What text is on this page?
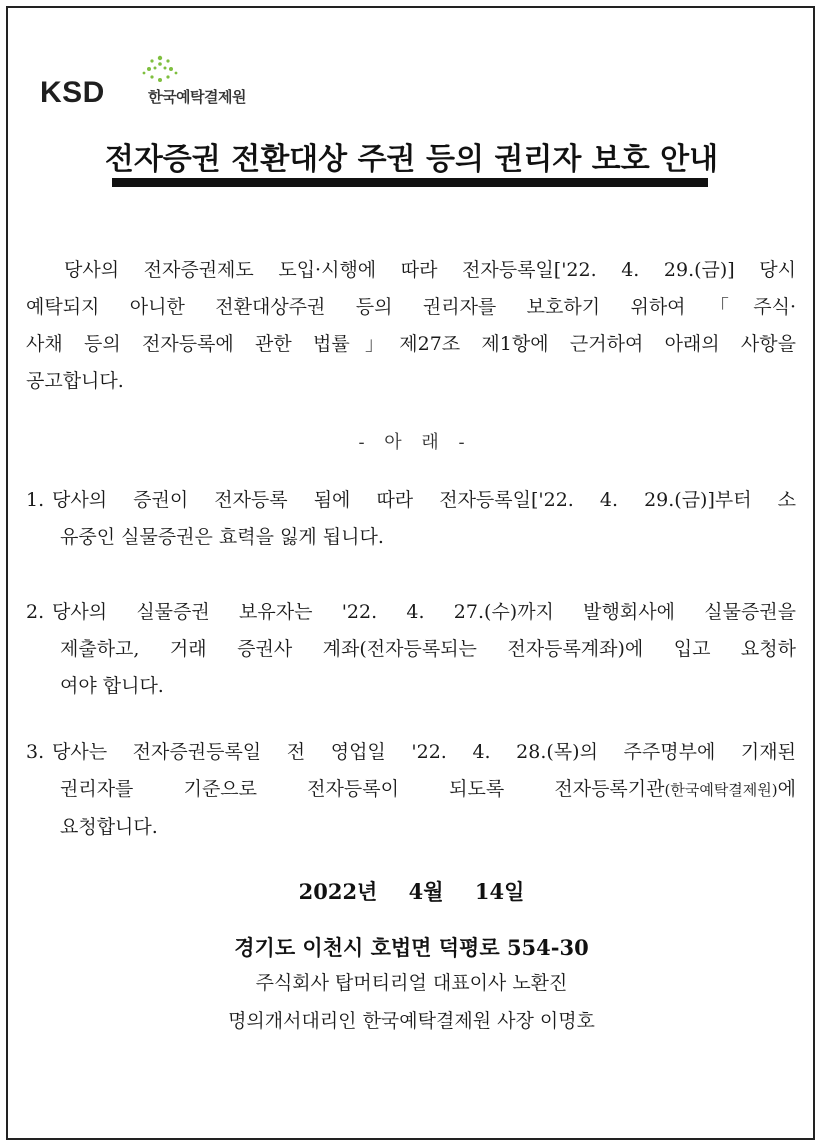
KSD	한국예탁결제원
전자증권 전환대상 주권 등의 권리자 보호 안내
당사의 전자증권제도 도입·시행에 따라 전자등록일['22. 4. 29.(금)] 당시
예탁되지 아니한 전환대상주권 등의 권리자를 보호하기 위하여「주식·
사채 등의 전자등록에 관한 법률」제27조 제1항에 근거하여 아래의 사항을
공고합니다.
- 아 래 -
1. 당사의 증권이 전자등록 됨에 따라 전자등록일['22. 4. 29.(금)]부터 소
유중인 실물증권은 효력을 잃게 됩니다.
2. 당사의 실물증권 보유자는 '22. 4. 27.(수)까지 발행회사에 실물증권을
제출하고, 거래 증권사 계좌(전자등록되는 전자등록계좌)에 입고 요청하
여야 합니다.
3. 당사는 전자증권등록일 전 영업일 '22. 4. 28.(목)의 주주명부에 기재된
권리자를 기준으로 전자등록이 되도록 전자등록기관(한국예탁결제원)에
요청합니다.
2022년 4월 14일
경기도 이천시 호법면 덕평로 554-30
주식회사 탑머티리얼 대표이사 노환진
명의개서대리인 한국예탁결제원 사장 이명호
